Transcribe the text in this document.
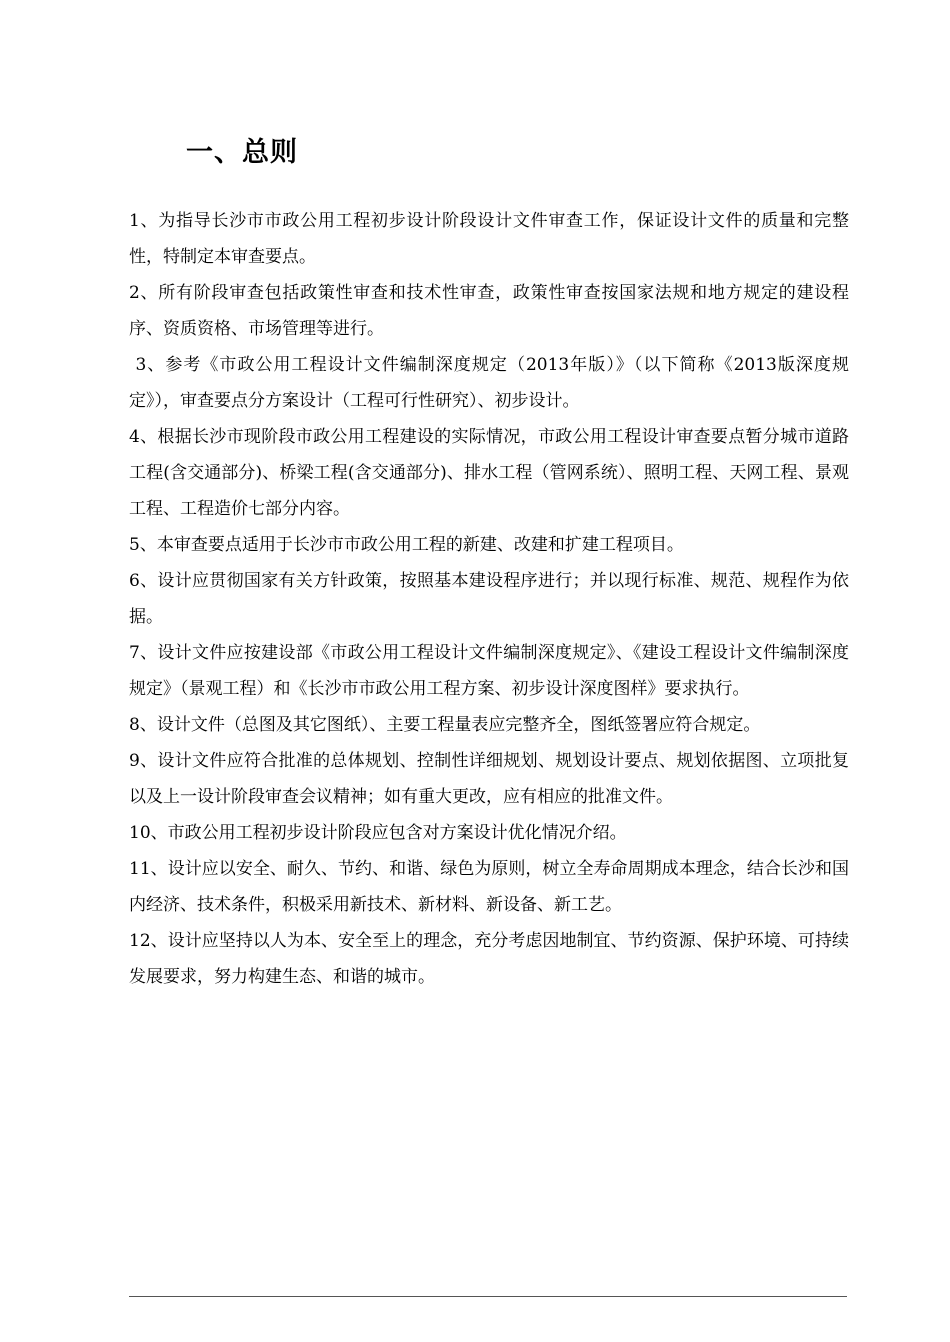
一、总则

1、为指导长沙市市政公用工程初步设计阶段设计文件审查工作，保证设计文件的质量和完整性，特制定本审查要点。

2、所有阶段审查包括政策性审查和技术性审查，政策性审查按国家法规和地方规定的建设程序、资质资格、市场管理等进行。

3、参考《市政公用工程设计文件编制深度规定（2013年版）》（以下简称《2013版深度规定》），审查要点分方案设计（工程可行性研究）、初步设计。

4、根据长沙市现阶段市政公用工程建设的实际情况，市政公用工程设计审查要点暂分城市道路工程(含交通部分)、桥梁工程(含交通部分)、排水工程（管网系统）、照明工程、天网工程、景观工程、工程造价七部分内容。

5、本审查要点适用于长沙市市政公用工程的新建、改建和扩建工程项目。

6、设计应贯彻国家有关方针政策，按照基本建设程序进行；并以现行标准、规范、规程作为依据。

7、设计文件应按建设部《市政公用工程设计文件编制深度规定》、《建设工程设计文件编制深度规定》（景观工程）和《长沙市市政公用工程方案、初步设计深度图样》要求执行。

8、设计文件（总图及其它图纸）、主要工程量表应完整齐全，图纸签署应符合规定。

9、设计文件应符合批准的总体规划、控制性详细规划、规划设计要点、规划依据图、立项批复以及上一设计阶段审查会议精神；如有重大更改，应有相应的批准文件。

10、市政公用工程初步设计阶段应包含对方案设计优化情况介绍。

11、设计应以安全、耐久、节约、和谐、绿色为原则，树立全寿命周期成本理念，结合长沙和国内经济、技术条件，积极采用新技术、新材料、新设备、新工艺。

12、设计应坚持以人为本、安全至上的理念，充分考虑因地制宜、节约资源、保护环境、可持续发展要求，努力构建生态、和谐的城市。
